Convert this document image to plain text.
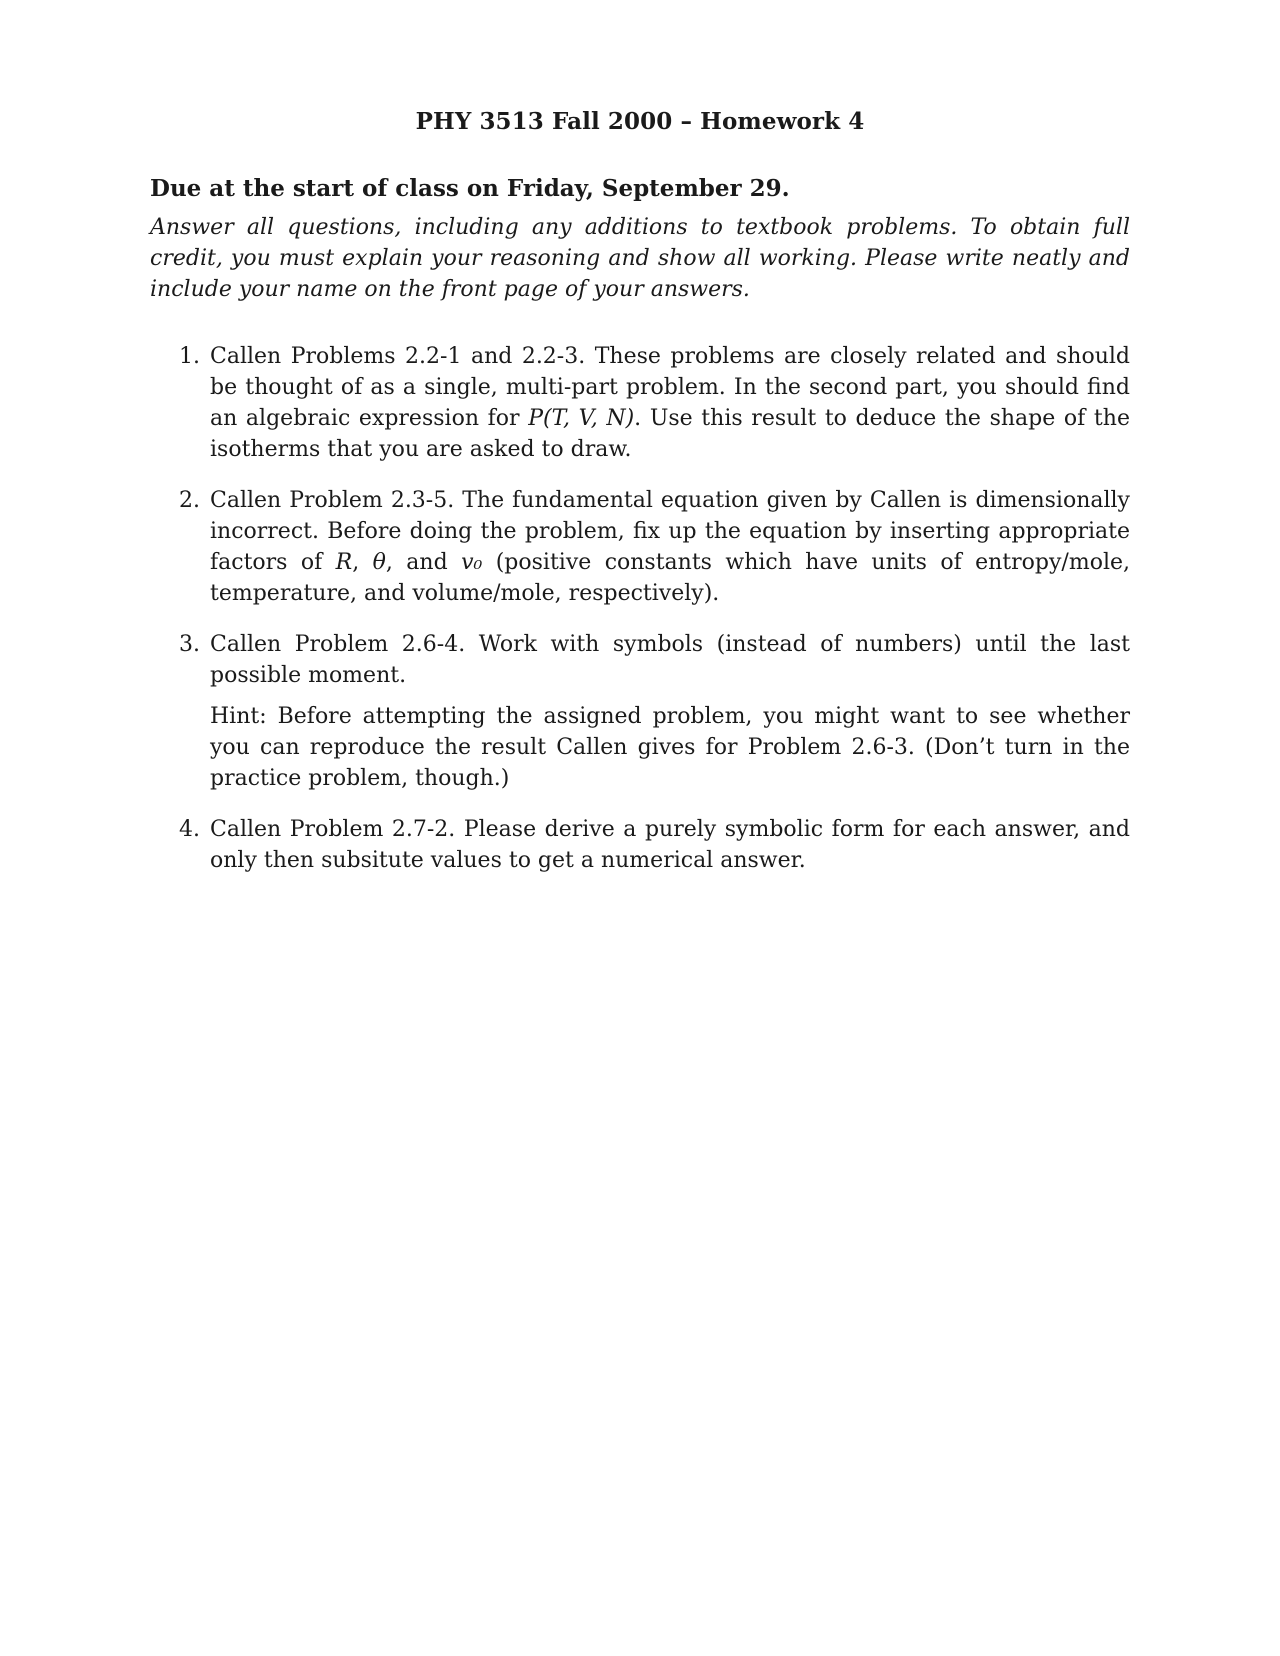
PHY 3513 Fall 2000 – Homework 4

Due at the start of class on Friday, September 29.

Answer all questions, including any additions to textbook problems. To obtain full credit, you must explain your reasoning and show all working. Please write neatly and include your name on the front page of your answers.

1. Callen Problems 2.2-1 and 2.2-3. These problems are closely related and should be thought of as a single, multi-part problem. In the second part, you should find an algebraic expression for P(T, V, N). Use this result to deduce the shape of the isotherms that you are asked to draw.

2. Callen Problem 2.3-5. The fundamental equation given by Callen is dimensionally incorrect. Before doing the problem, fix up the equation by inserting appropriate factors of R, θ, and v₀ (positive constants which have units of entropy/mole, temperature, and volume/mole, respectively).

3. Callen Problem 2.6-4. Work with symbols (instead of numbers) until the last possible moment.

Hint: Before attempting the assigned problem, you might want to see whether you can reproduce the result Callen gives for Problem 2.6-3. (Don’t turn in the practice problem, though.)

4. Callen Problem 2.7-2. Please derive a purely symbolic form for each answer, and only then subsitute values to get a numerical answer.
